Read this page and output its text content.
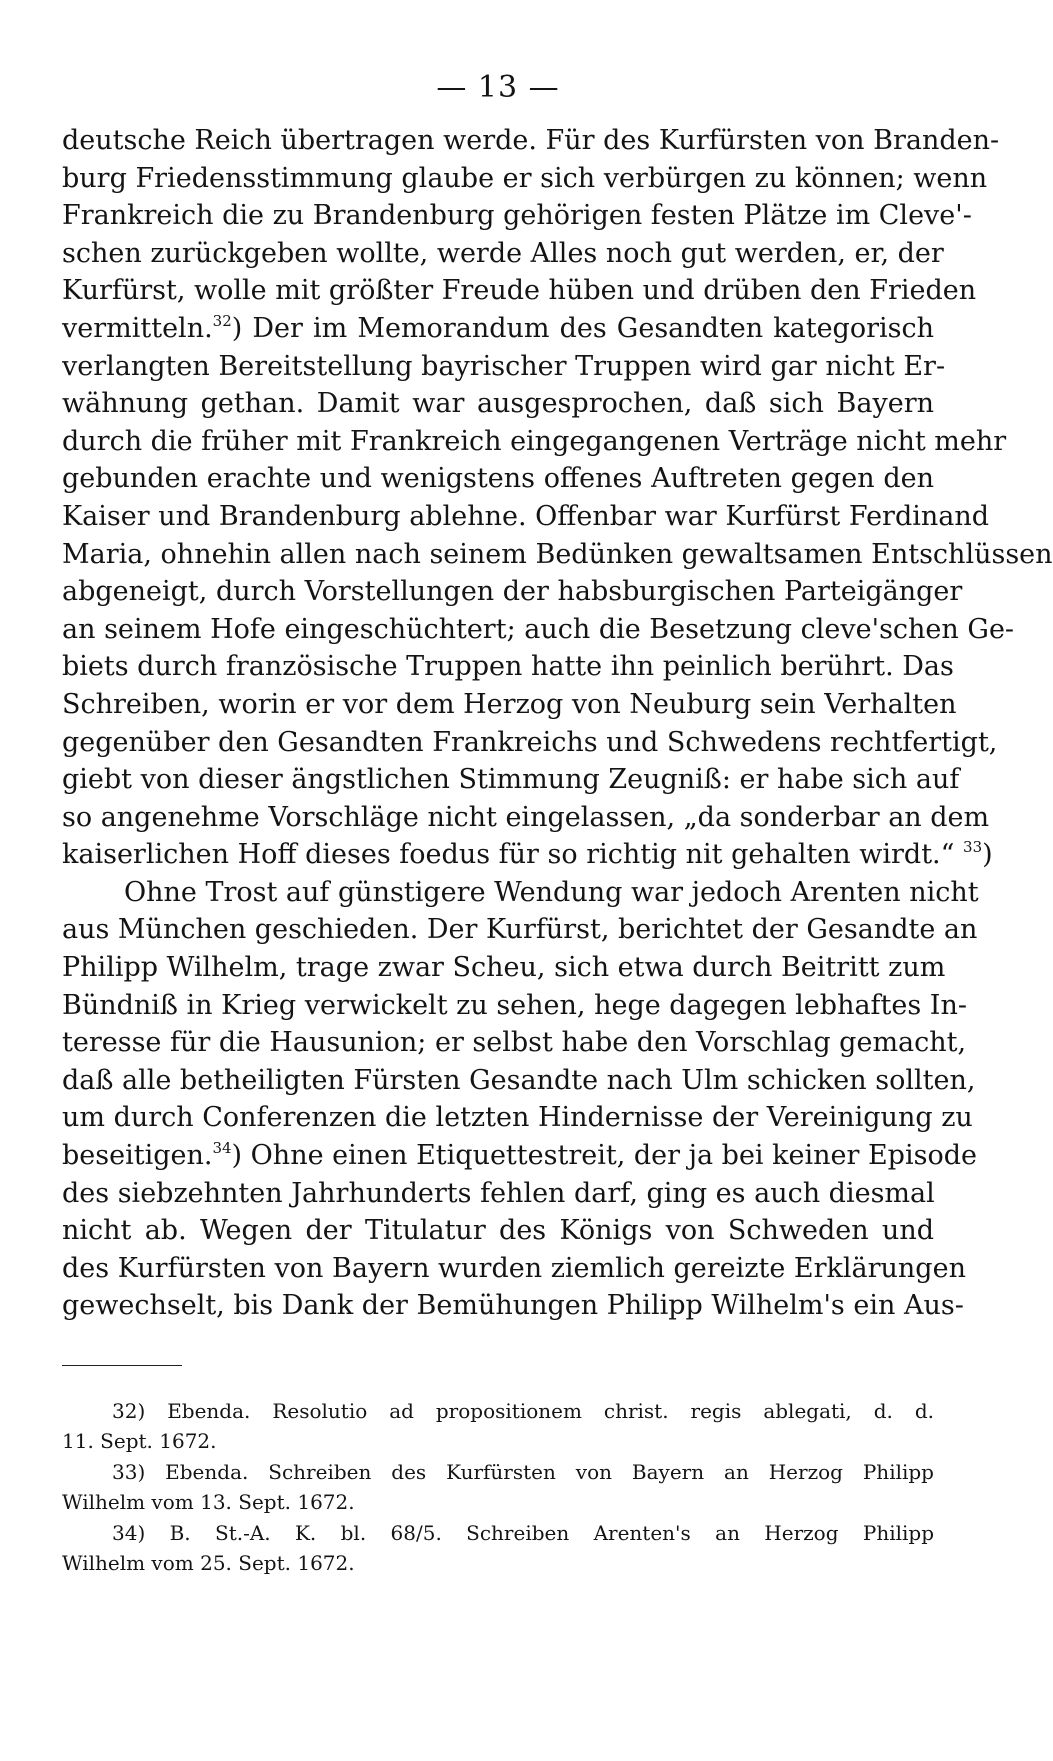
— 13 —
deutsche Reich übertragen werde. Für des Kurfürsten von Branden-
burg Friedensstimmung glaube er sich verbürgen zu können; wenn
Frankreich die zu Brandenburg gehörigen festen Plätze im Cleve'-
schen zurückgeben wollte, werde Alles noch gut werden, er, der
Kurfürst, wolle mit größter Freude hüben und drüben den Frieden
vermitteln.$^{32}$) Der im Memorandum des Gesandten kategorisch
verlangten Bereitstellung bayrischer Truppen wird gar nicht Er-
wähnung gethan. Damit war ausgesprochen, daß sich Bayern
durch die früher mit Frankreich eingegangenen Verträge nicht mehr
gebunden erachte und wenigstens offenes Auftreten gegen den
Kaiser und Brandenburg ablehne. Offenbar war Kurfürst Ferdinand
Maria, ohnehin allen nach seinem Bedünken gewaltsamen Entschlüssen
abgeneigt, durch Vorstellungen der habsburgischen Parteigänger
an seinem Hofe eingeschüchtert; auch die Besetzung cleve'schen Ge-
biets durch französische Truppen hatte ihn peinlich berührt. Das
Schreiben, worin er vor dem Herzog von Neuburg sein Verhalten
gegenüber den Gesandten Frankreichs und Schwedens rechtfertigt,
giebt von dieser ängstlichen Stimmung Zeugniß: er habe sich auf
so angenehme Vorschläge nicht eingelassen, „da sonderbar an dem
kaiserlichen Hoff dieses foedus für so richtig nit gehalten wirdt.“ $^{33}$)
Ohne Trost auf günstigere Wendung war jedoch Arenten nicht
aus München geschieden. Der Kurfürst, berichtet der Gesandte an
Philipp Wilhelm, trage zwar Scheu, sich etwa durch Beitritt zum
Bündniß in Krieg verwickelt zu sehen, hege dagegen lebhaftes In-
teresse für die Hausunion; er selbst habe den Vorschlag gemacht,
daß alle betheiligten Fürsten Gesandte nach Ulm schicken sollten,
um durch Conferenzen die letzten Hindernisse der Vereinigung zu
beseitigen.$^{34}$) Ohne einen Etiquettestreit, der ja bei keiner Episode
des siebzehnten Jahrhunderts fehlen darf, ging es auch diesmal
nicht ab. Wegen der Titulatur des Königs von Schweden und
des Kurfürsten von Bayern wurden ziemlich gereizte Erklärungen
gewechselt, bis Dank der Bemühungen Philipp Wilhelm's ein Aus-
32) Ebenda. Resolutio ad propositionem christ. regis ablegati, d. d.
11. Sept. 1672.
33) Ebenda. Schreiben des Kurfürsten von Bayern an Herzog Philipp
Wilhelm vom 13. Sept. 1672.
34) B. St.-A. K. bl. 68/5. Schreiben Arenten's an Herzog Philipp
Wilhelm vom 25. Sept. 1672.
